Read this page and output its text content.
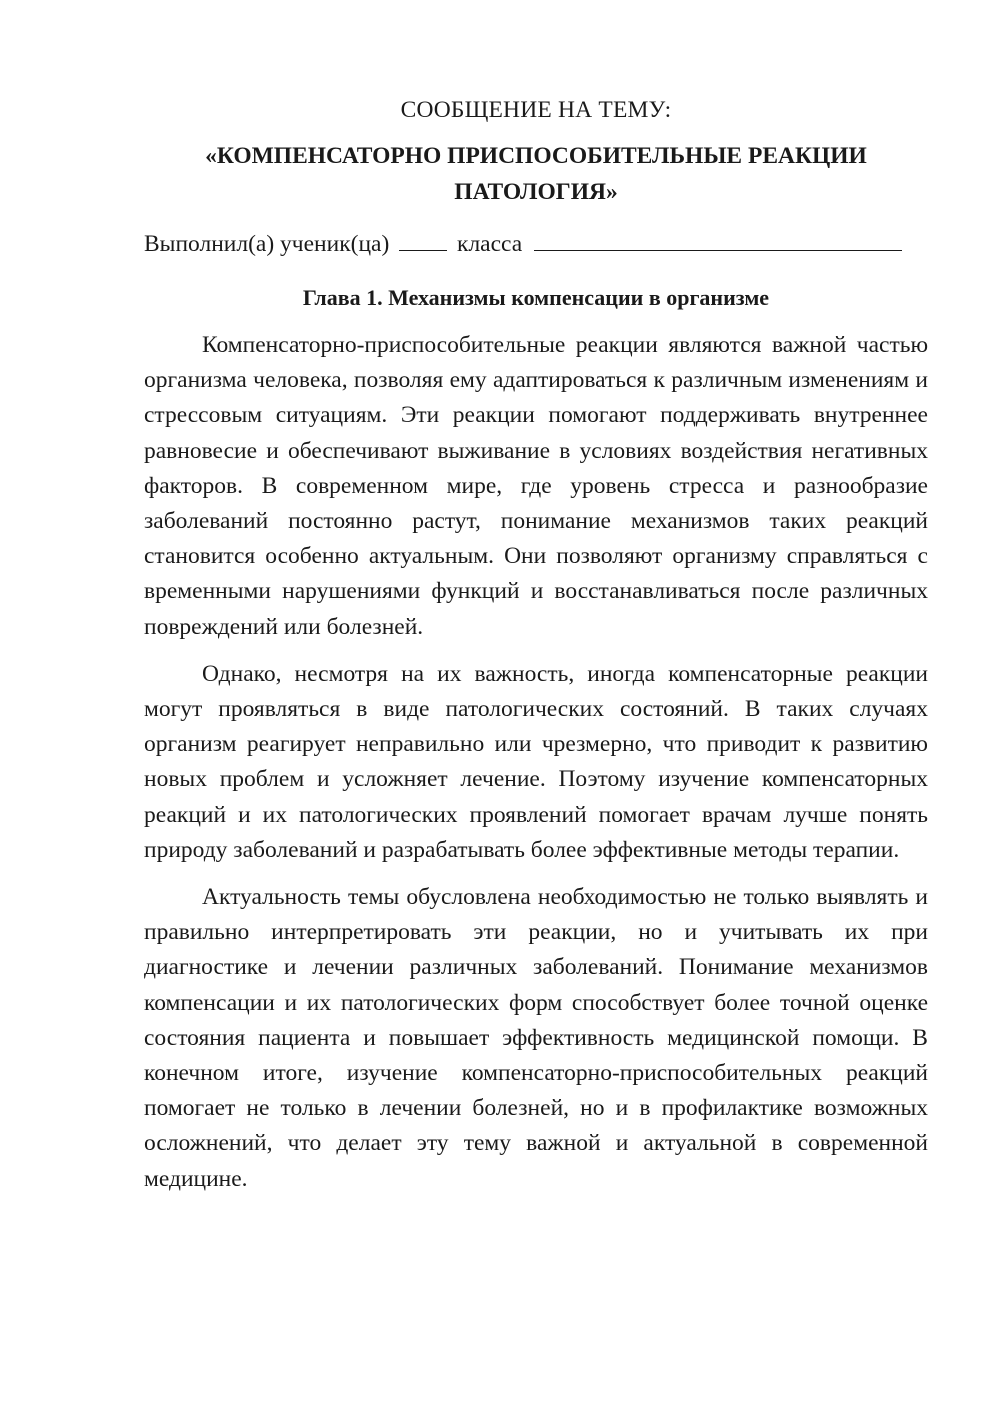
СООБЩЕНИЕ НА ТЕМУ:

«КОМПЕНСАТОРНО ПРИСПОСОБИТЕЛЬНЫЕ РЕАКЦИИ

ПАТОЛОГИЯ»

Выполнил(а) ученик(ца)	класса
Глава 1. Механизмы компенсации в организме

Компенсаторно-приспособительные реакции являются важной частью организма человека, позволяя ему адаптироваться к различным изменениям и стрессовым ситуациям. Эти реакции помогают поддерживать внутреннее равновесие и обеспечивают выживание в условиях воздействия негативных факторов. В современном мире, где уровень стресса и разнообразие заболеваний постоянно растут, понимание механизмов таких реакций становится особенно актуальным. Они позволяют организму справляться с временными нарушениями функций и восстанавливаться после различных повреждений или болезней.

Однако, несмотря на их важность, иногда компенсаторные реакции могут проявляться в виде патологических состояний. В таких случаях организм реагирует неправильно или чрезмерно, что приводит к развитию новых проблем и усложняет лечение. Поэтому изучение компенсаторных реакций и их патологических проявлений помогает врачам лучше понять природу заболеваний и разрабатывать более эффективные методы терапии.

Актуальность темы обусловлена необходимостью не только выявлять и правильно интерпретировать эти реакции, но и учитывать их при диагностике и лечении различных заболеваний. Понимание механизмов компенсации и их патологических форм способствует более точной оценке состояния пациента и повышает эффективность медицинской помощи. В конечном итоге, изучение компенсаторно-приспособительных реакций помогает не только в лечении болезней, но и в профилактике возможных осложнений, что делает эту тему важной и актуальной в современной медицине.
